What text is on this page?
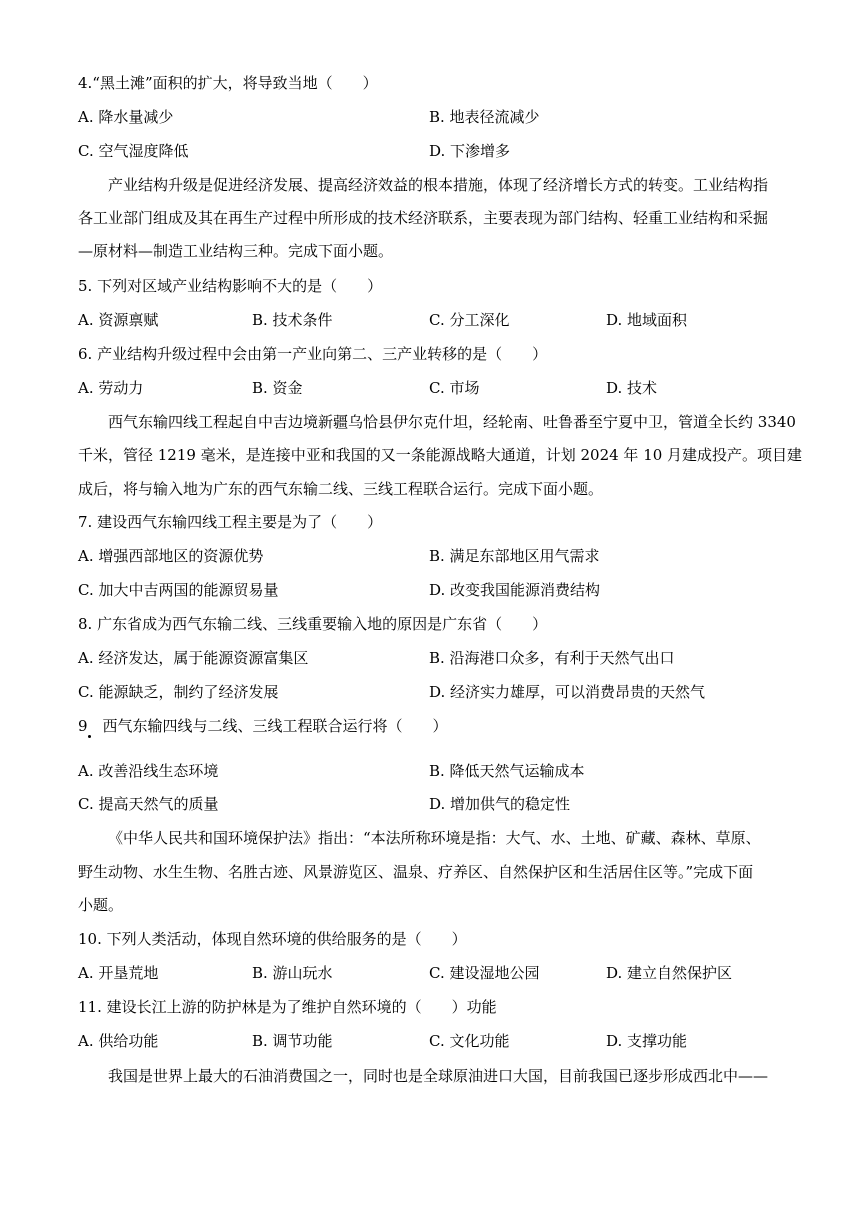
4.“黑土滩”面积的扩大，将导致当地（　　）
A. 降水量减少	B. 地表径流减少
C. 空气湿度降低	D. 下渗增多
产业结构升级是促进经济发展、提高经济效益的根本措施，体现了经济增长方式的转变。工业结构指
各工业部门组成及其在再生产过程中所形成的技术经济联系，主要表现为部门结构、轻重工业结构和采掘
—原材料—制造工业结构三种。完成下面小题。
5. 下列对区域产业结构影响不大的是（　　）
A. 资源禀赋	B. 技术条件	C. 分工深化	D. 地域面积
6. 产业结构升级过程中会由第一产业向第二、三产业转移的是（　　）
A. 劳动力	B. 资金	C. 市场	D. 技术
西气东输四线工程起自中吉边境新疆乌恰县伊尔克什坦，经轮南、吐鲁番至宁夏中卫，管道全长约 3340
千米，管径 1219 毫米，是连接中亚和我国的又一条能源战略大通道，计划 2024 年 10 月建成投产。项目建
成后，将与输入地为广东的西气东输二线、三线工程联合运行。完成下面小题。
7. 建设西气东输四线工程主要是为了（　　）
A. 增强西部地区的资源优势	B. 满足东部地区用气需求
C. 加大中吉两国的能源贸易量	D. 改变我国能源消费结构
8. 广东省成为西气东输二线、三线重要输入地的原因是广东省（　　）
A. 经济发达，属于能源资源富集区	B. 沿海港口众多，有利于天然气出口
C. 能源缺乏，制约了经济发展	D. 经济实力雄厚，可以消费昂贵的天然气
9　西气东输四线与二线、三线工程联合运行将（　　）
A. 改善沿线生态环境	B. 降低天然气运输成本
C. 提高天然气的质量	D. 增加供气的稳定性
《中华人民共和国环境保护法》指出：“本法所称环境是指：大气、水、土地、矿藏、森林、草原、
野生动物、水生生物、名胜古迹、风景游览区、温泉、疗养区、自然保护区和生活居住区等。”完成下面
小题。
10. 下列人类活动，体现自然环境的供给服务的是（　　）
A. 开垦荒地	B. 游山玩水	C. 建设湿地公园	D. 建立自然保护区
11. 建设长江上游的防护林是为了维护自然环境的（　　）功能
A. 供给功能	B. 调节功能	C. 文化功能	D. 支撑功能
我国是世界上最大的石油消费国之一，同时也是全球原油进口大国，目前我国已逐步形成西北中——
